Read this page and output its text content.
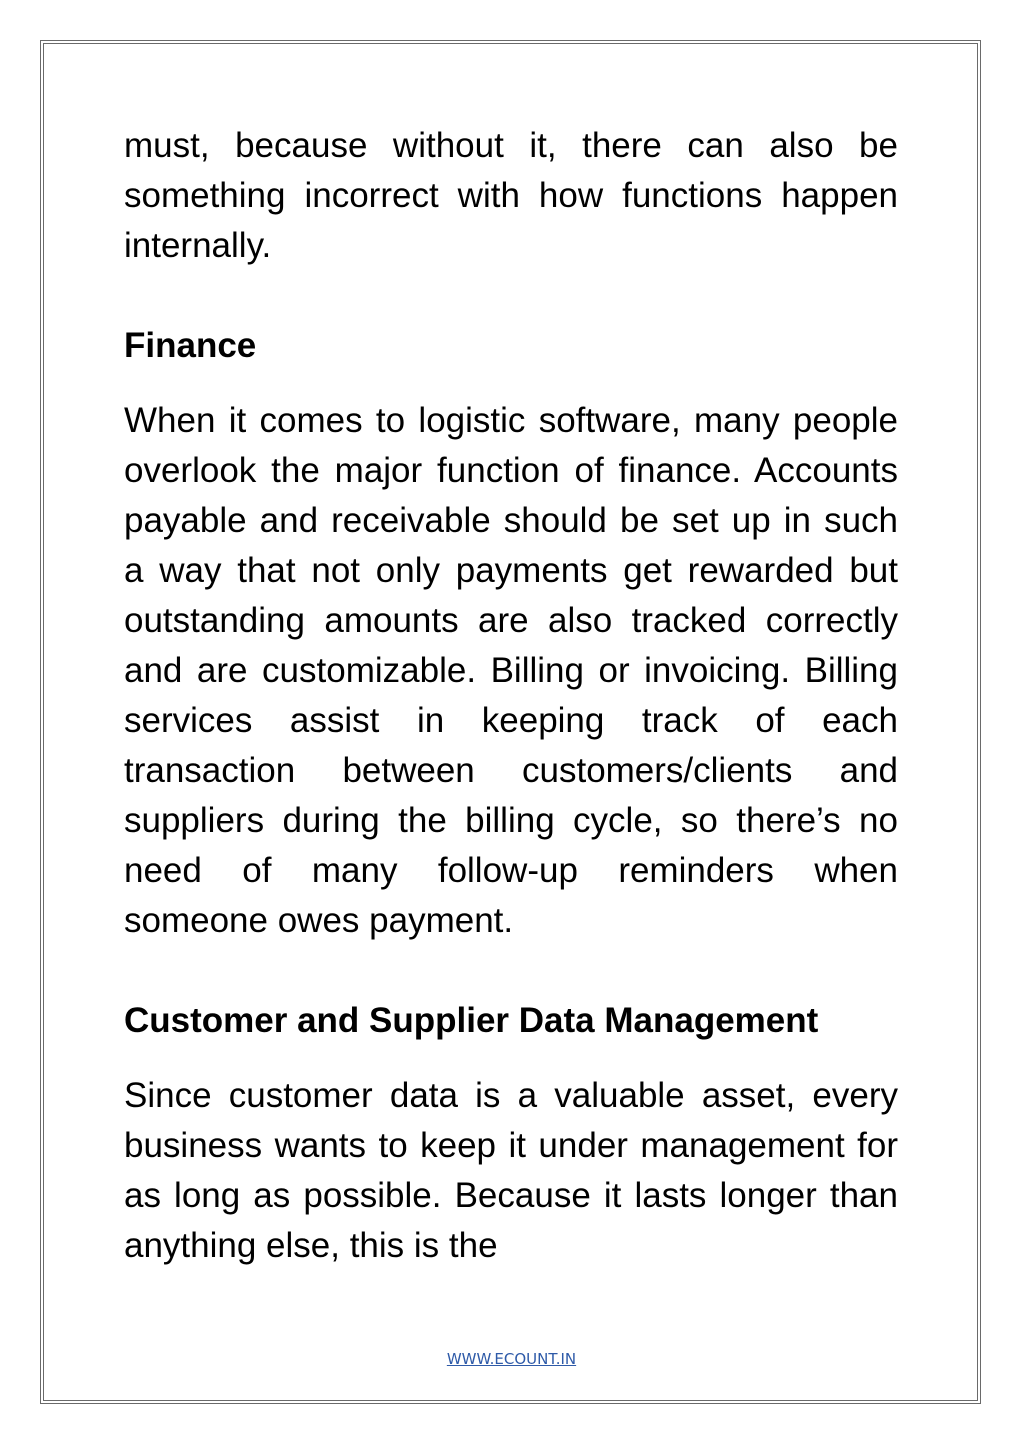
must, because without it, there can also be something incorrect with how functions happen internally.

Finance

When it comes to logistic software, many people overlook the major function of finance. Accounts payable and receivable should be set up in such a way that not only payments get rewarded but outstanding amounts are also tracked correctly and are customizable. Billing or invoicing. Billing services assist in keeping track of each transaction between customers/clients and suppliers during the billing cycle, so there’s no need of many follow-up reminders when someone owes payment.

Customer and Supplier Data Management

Since customer data is a valuable asset, every business wants to keep it under management for as long as possible. Because it lasts longer than anything else, this is the

WWW.ECOUNT.IN
